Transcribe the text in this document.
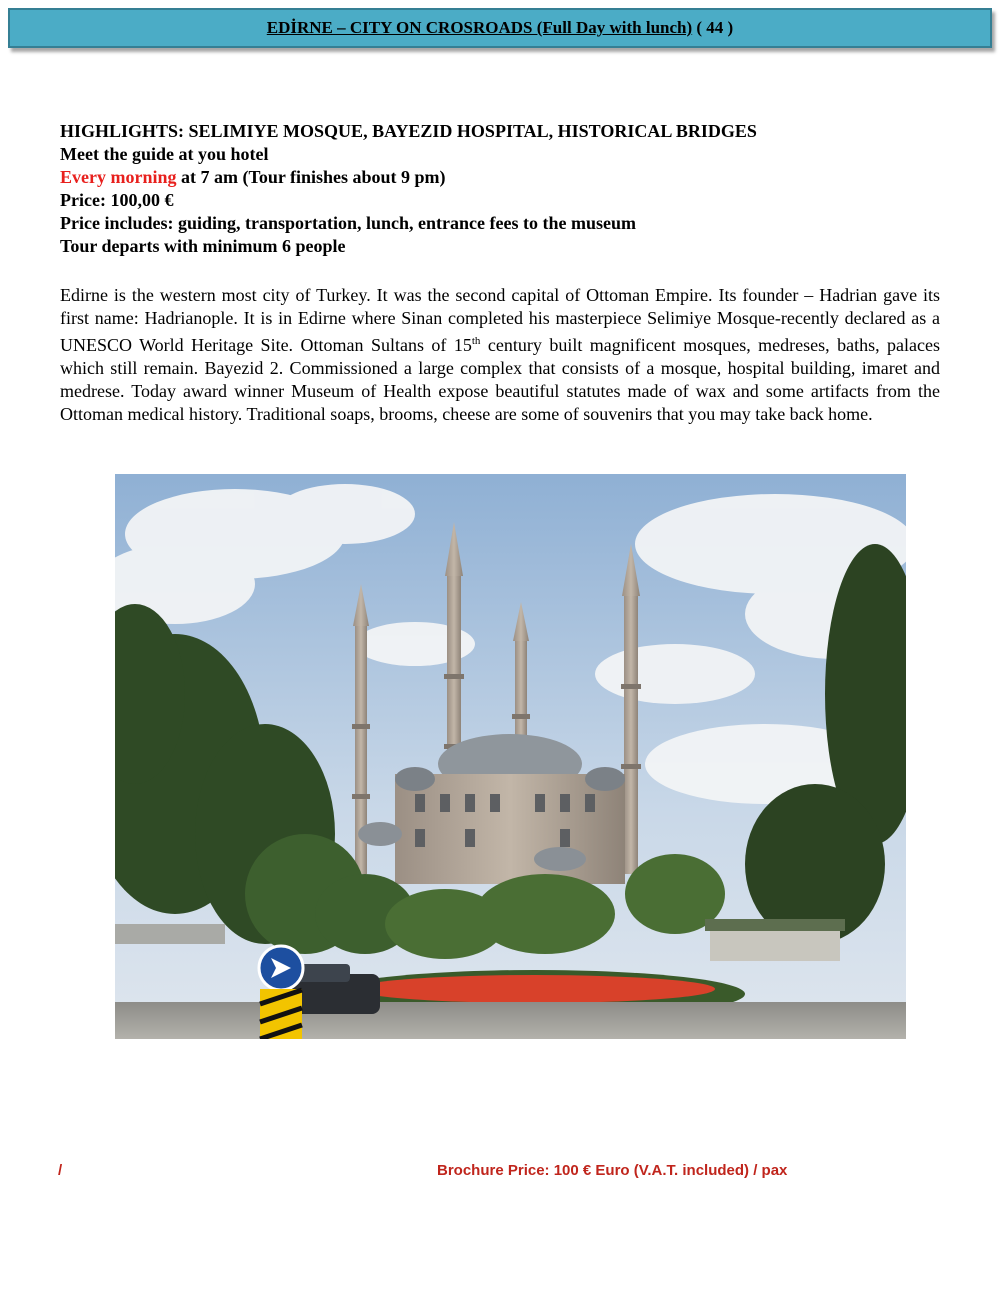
EDİRNE – CITY ON CROSROADS (Full Day with lunch) ( 44 )
HIGHLIGHTS: SELIMIYE MOSQUE, BAYEZID HOSPITAL, HISTORICAL BRIDGES
Meet the guide at you hotel
Every morning at 7 am (Tour finishes about 9 pm)
Price: 100,00 €
Price includes: guiding, transportation, lunch, entrance fees to the museum
Tour departs with minimum 6 people
Edirne is the western most city of Turkey. It was the second capital of Ottoman Empire. Its founder – Hadrian gave its first name: Hadrianople. It is in Edirne where Sinan completed his masterpiece Selimiye Mosque-recently declared as a UNESCO World Heritage Site. Ottoman Sultans of 15th century built magnificent mosques, medreses, baths, palaces which still remain. Bayezid 2. Commissioned a large complex that consists of a mosque, hospital building, imaret and medrese. Today award winner Museum of Health expose beautiful statutes made of wax and some artifacts from the Ottoman medical history. Traditional soaps, brooms, cheese are some of souvenirs that you may take back home.
/	Brochure Price: 100 € Euro (V.A.T. included) / pax
